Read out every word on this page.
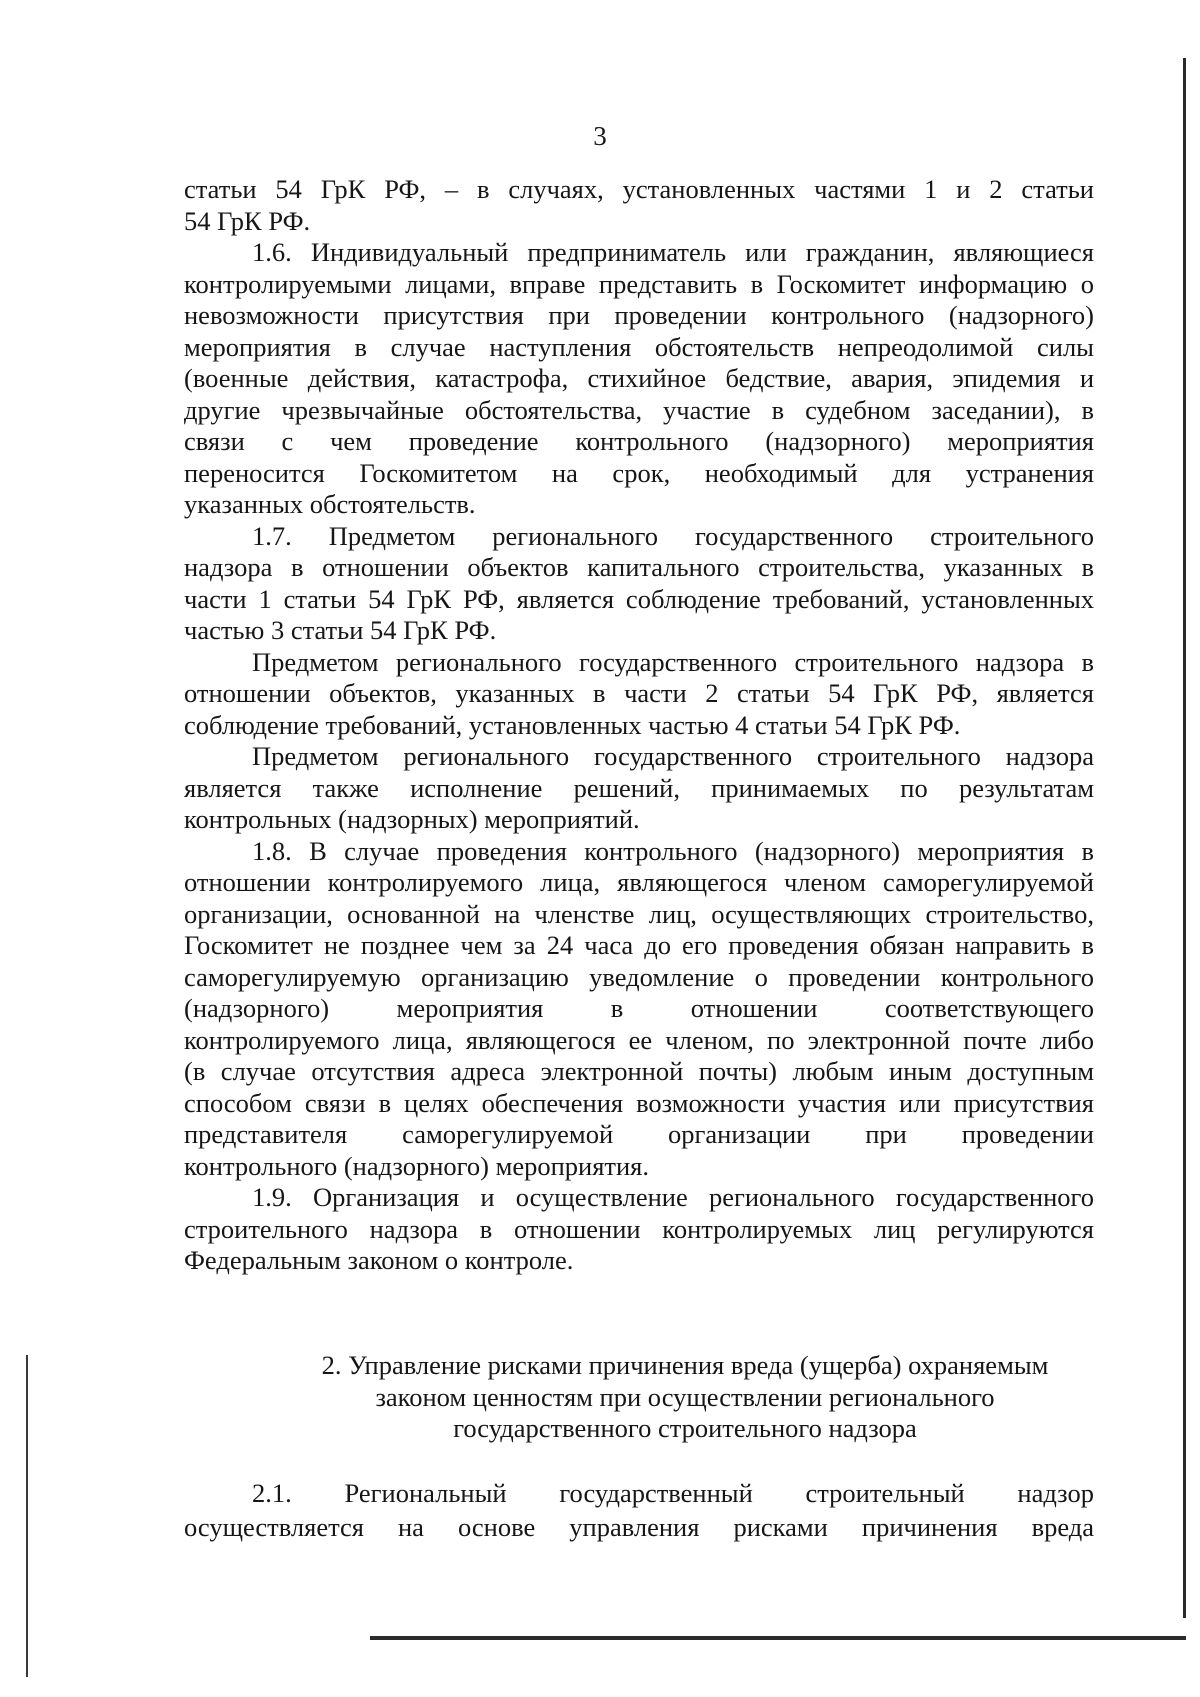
3
статьи 54 ГрК РФ, – в случаях, установленных частями 1 и 2 статьи
54 ГрК РФ.
1.6. Индивидуальный предприниматель или гражданин, являющиеся
контролируемыми лицами, вправе представить в Госкомитет информацию о
невозможности присутствия при проведении контрольного (надзорного)
мероприятия в случае наступления обстоятельств непреодолимой силы
(военные действия, катастрофа, стихийное бедствие, авария, эпидемия и
другие чрезвычайные обстоятельства, участие в судебном заседании), в
связи с чем проведение контрольного (надзорного) мероприятия
переносится Госкомитетом на срок, необходимый для устранения
указанных обстоятельств.
1.7. Предметом регионального государственного строительного
надзора в отношении объектов капитального строительства, указанных в
части 1 статьи 54 ГрК РФ, является соблюдение требований, установленных
частью 3 статьи 54 ГрК РФ.
Предметом регионального государственного строительного надзора в
отношении объектов, указанных в части 2 статьи 54 ГрК РФ, является
соблюдение требований, установленных частью 4 статьи 54 ГрК РФ.
Предметом регионального государственного строительного надзора
является также исполнение решений, принимаемых по результатам
контрольных (надзорных) мероприятий.
1.8. В случае проведения контрольного (надзорного) мероприятия в
отношении контролируемого лица, являющегося членом саморегулируемой
организации, основанной на членстве лиц, осуществляющих строительство,
Госкомитет не позднее чем за 24 часа до его проведения обязан направить в
саморегулируемую организацию уведомление о проведении контрольного
(надзорного) мероприятия в отношении соответствующего
контролируемого лица, являющегося ее членом, по электронной почте либо
(в случае отсутствия адреса электронной почты) любым иным доступным
способом связи в целях обеспечения возможности участия или присутствия
представителя саморегулируемой организации при проведении
контрольного (надзорного) мероприятия.
1.9. Организация и осуществление регионального государственного
строительного надзора в отношении контролируемых лиц регулируются
Федеральным законом о контроле.
2. Управление рисками причинения вреда (ущерба) охраняемым
законом ценностям при осуществлении регионального
государственного строительного надзора
2.1. Региональный государственный строительный надзор
осуществляется на основе управления рисками причинения вреда
